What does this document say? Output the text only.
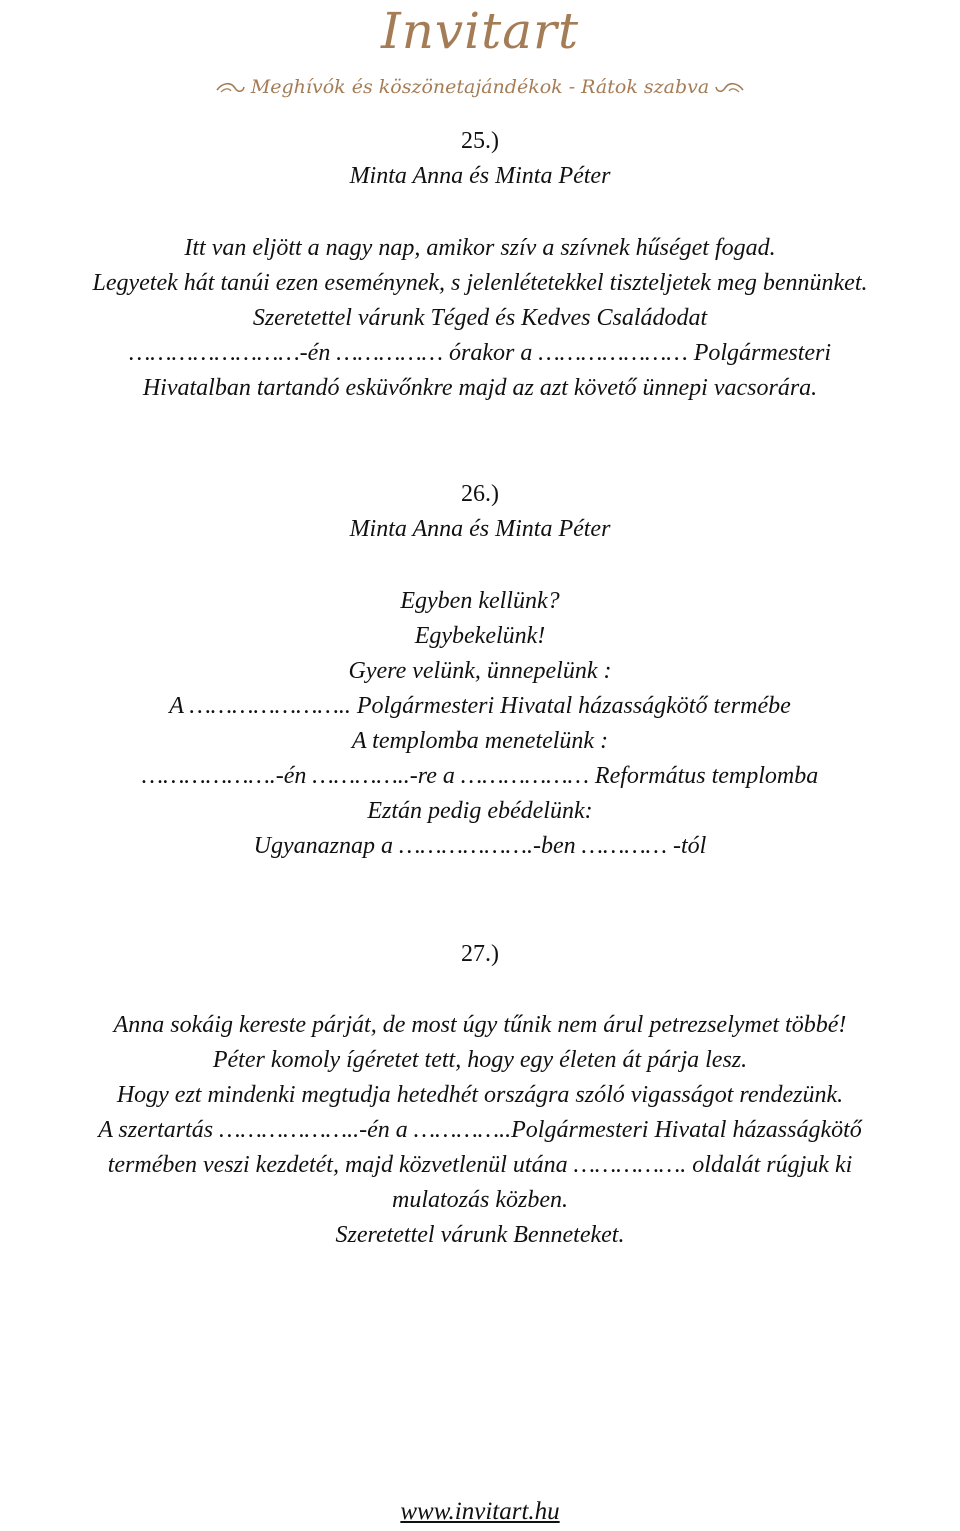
Invitart
Meghívók és köszönetajándékok - Rátok szabva
25.)
Minta Anna és Minta Péter
Itt van eljött a nagy nap, amikor szív a szívnek hűséget fogad.
Legyetek hát tanúi ezen eseménynek, s jelenlétetekkel tiszteljetek meg bennünket.
Szeretettel várunk Téged és Kedves Családodat
……………………-én …………… órakor a ………………… Polgármesteri
Hivatalban tartandó esküvőnkre majd az azt követő ünnepi vacsorára.
26.)
Minta Anna és Minta Péter
Egyben kellünk?
Egybekelünk!
Gyere velünk, ünnepelünk :
A ………………….. Polgármesteri Hivatal házasságkötő termébe
A templomba menetelünk :
……………….-én …………..-re a ……………… Református templomba
Eztán pedig ebédelünk:
Ugyanaznap a ……………….-ben ………… -tól
27.)
Anna sokáig kereste párját, de most úgy tűnik nem árul petrezselymet többé!
Péter komoly ígéretet tett, hogy egy életen át párja lesz.
Hogy ezt mindenki megtudja hetedhét országra szóló vigasságot rendezünk.
A szertartás ………………..-én a …………..Polgármesteri Hivatal házasságkötő
termében veszi kezdetét, majd közvetlenül utána ……………. oldalát rúgjuk ki
mulatozás közben.
Szeretettel várunk Benneteket.
www.invitart.hu
